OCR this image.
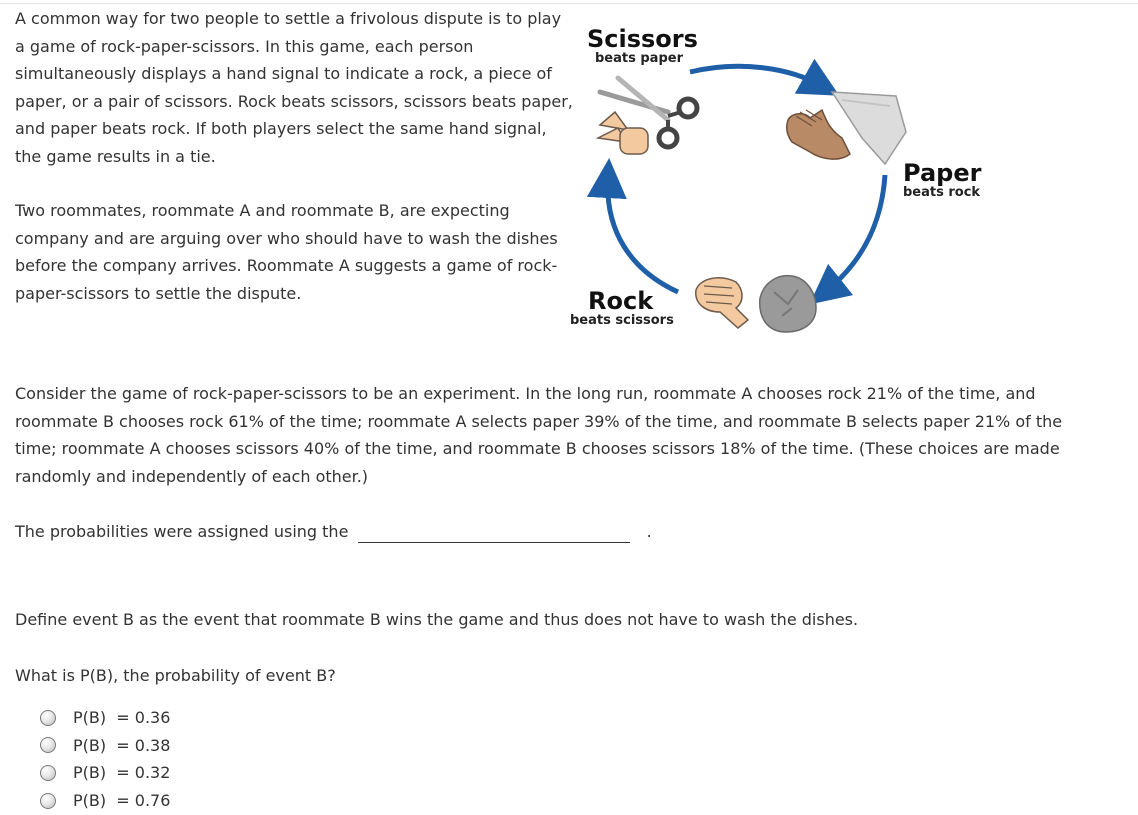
A common way for two people to settle a frivolous dispute is to play a game of rock-paper-scissors. In this game, each person simultaneously displays a hand signal to indicate a rock, a piece of paper, or a pair of scissors. Rock beats scissors, scissors beats paper, and paper beats rock. If both players select the same hand signal, the game results in a tie.

Two roommates, roommate A and roommate B, are expecting company and are arguing over who should have to wash the dishes before the company arrives. Roommate A suggests a game of rock-paper-scissors to settle the dispute.

Scissors
beats paper
Paper
beats rock
Rock
beats scissors

Consider the game of rock-paper-scissors to be an experiment. In the long run, roommate A chooses rock 21% of the time, and roommate B chooses rock 61% of the time; roommate A selects paper 39% of the time, and roommate B selects paper 21% of the time; roommate A chooses scissors 40% of the time, and roommate B chooses scissors 18% of the time. (These choices are made randomly and independently of each other.)

The probabilities were assigned using the	.
Define event B as the event that roommate B wins the game and thus does not have to wash the dishes.
What is P(B), the probability of event B?
P(B)  = 0.36
P(B)  = 0.38
P(B)  = 0.32
P(B)  = 0.76
